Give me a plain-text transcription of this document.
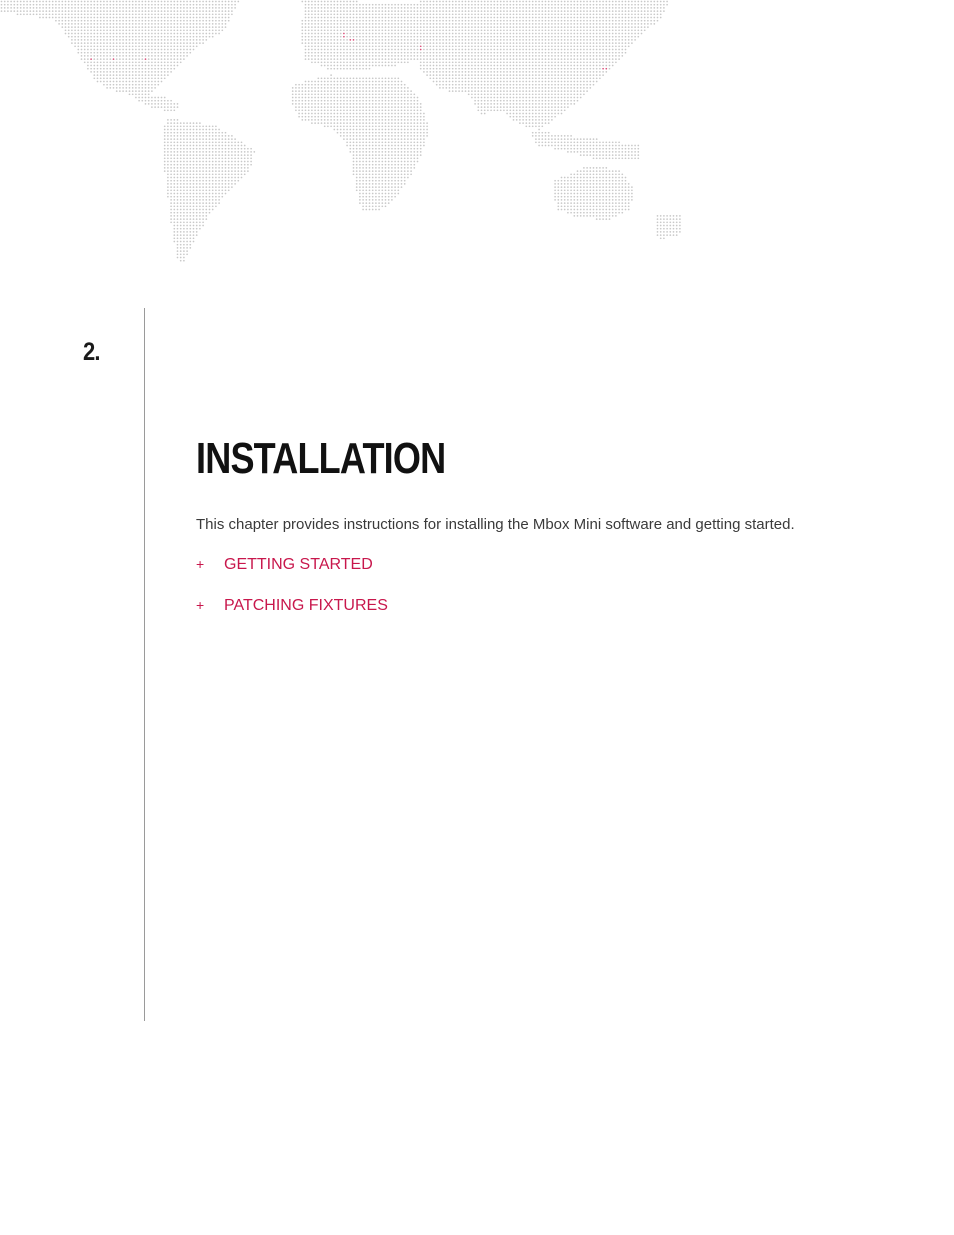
2.
INSTALLATION

This chapter provides instructions for installing the Mbox Mini software and getting started.

+	GETTING STARTED
+	PATCHING FIXTURES
